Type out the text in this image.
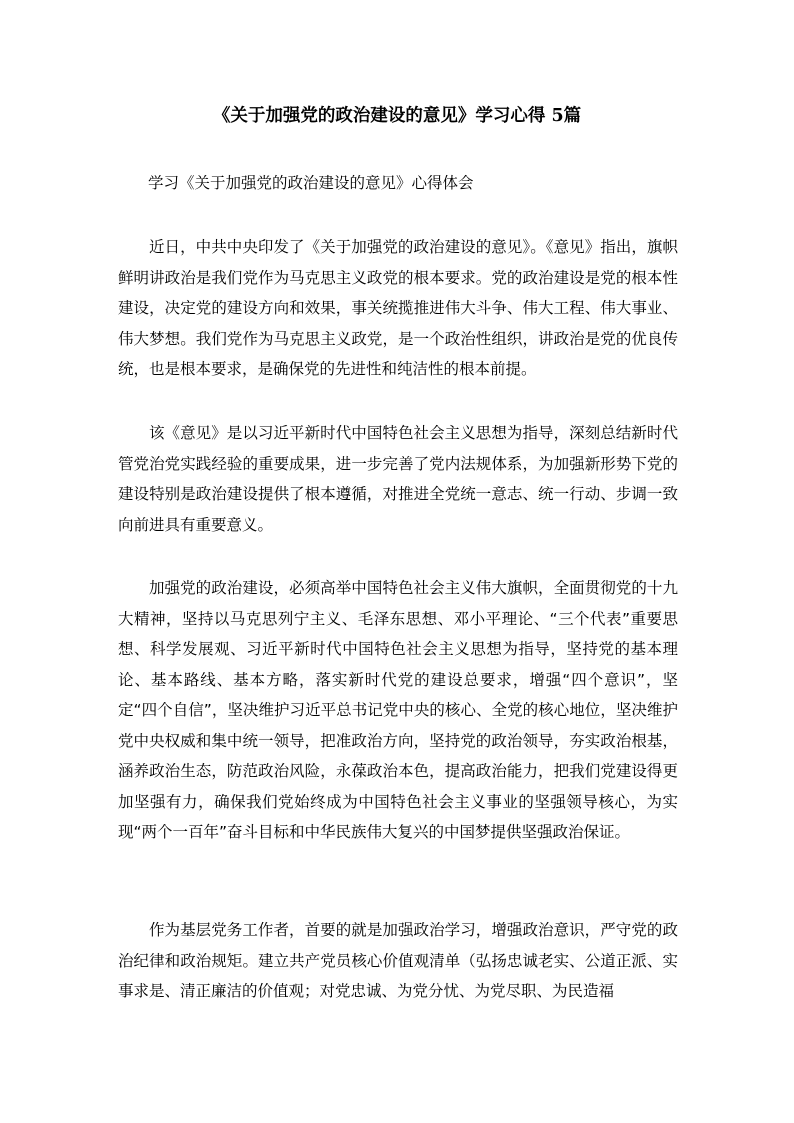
《关于加强党的政治建设的意见》学习心得 5篇
学习《关于加强党的政治建设的意见》心得体会

近日，中共中央印发了《关于加强党的政治建设的意见》。《意见》指出，旗帜鲜明讲政治是我们党作为马克思主义政党的根本要求。党的政治建设是党的根本性建设，决定党的建设方向和效果，事关统揽推进伟大斗争、伟大工程、伟大事业、伟大梦想。我们党作为马克思主义政党，是一个政治性组织，讲政治是党的优良传统，也是根本要求，是确保党的先进性和纯洁性的根本前提。

该《意见》是以习近平新时代中国特色社会主义思想为指导，深刻总结新时代管党治党实践经验的重要成果，进一步完善了党内法规体系，为加强新形势下党的建设特别是政治建设提供了根本遵循，对推进全党统一意志、统一行动、步调一致向前进具有重要意义。

加强党的政治建设，必须高举中国特色社会主义伟大旗帜，全面贯彻党的十九大精神，坚持以马克思列宁主义、毛泽东思想、邓小平理论、“三个代表”重要思想、科学发展观、习近平新时代中国特色社会主义思想为指导，坚持党的基本理论、基本路线、基本方略，落实新时代党的建设总要求，增强“四个意识”，坚定“四个自信”，坚决维护习近平总书记党中央的核心、全党的核心地位，坚决维护党中央权威和集中统一领导，把准政治方向，坚持党的政治领导，夯实政治根基，涵养政治生态，防范政治风险，永葆政治本色，提高政治能力，把我们党建设得更加坚强有力，确保我们党始终成为中国特色社会主义事业的坚强领导核心，为实现“两个一百年”奋斗目标和中华民族伟大复兴的中国梦提供坚强政治保证。

作为基层党务工作者，首要的就是加强政治学习，增强政治意识，严守党的政治纪律和政治规矩。建立共产党员核心价值观清单（弘扬忠诚老实、公道正派、实事求是、清正廉洁的价值观；对党忠诚、为党分忧、为党尽职、为民造福
